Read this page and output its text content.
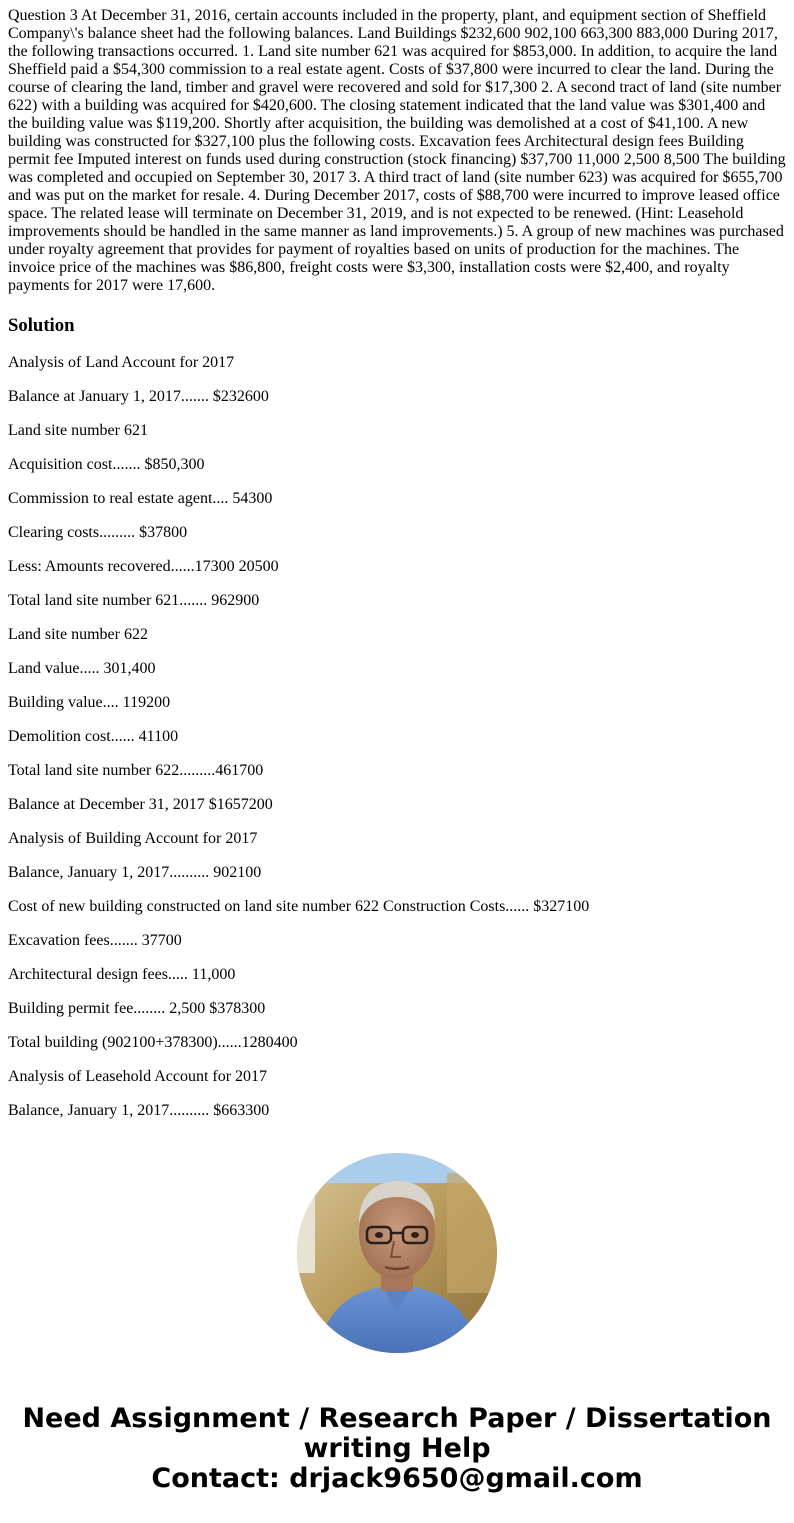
Question 3 At December 31, 2016, certain accounts included in the property, plant, and equipment section of Sheffield Company\'s balance sheet had the following balances. Land Buildings $232,600 902,100 663,300 883,000 During 2017, the following transactions occurred. 1. Land site number 621 was acquired for $853,000. In addition, to acquire the land Sheffield paid a $54,300 commission to a real estate agent. Costs of $37,800 were incurred to clear the land. During the course of clearing the land, timber and gravel were recovered and sold for $17,300 2. A second tract of land (site number 622) with a building was acquired for $420,600. The closing statement indicated that the land value was $301,400 and the building value was $119,200. Shortly after acquisition, the building was demolished at a cost of $41,100. A new building was constructed for $327,100 plus the following costs. Excavation fees Architectural design fees Building permit fee Imputed interest on funds used during construction (stock financing) $37,700 11,000 2,500 8,500 The building was completed and occupied on September 30, 2017 3. A third tract of land (site number 623) was acquired for $655,700 and was put on the market for resale. 4. During December 2017, costs of $88,700 were incurred to improve leased office space. The related lease will terminate on December 31, 2019, and is not expected to be renewed. (Hint: Leasehold improvements should be handled in the same manner as land improvements.) 5. A group of new machines was purchased under royalty agreement that provides for payment of royalties based on units of production for the machines. The invoice price of the machines was $86,800, freight costs were $3,300, installation costs were $2,400, and royalty payments for 2017 were 17,600.

Solution

Analysis of Land Account for 2017

Balance at January 1, 2017....... $232600

Land site number 621

Acquisition cost....... $850,300

Commission to real estate agent.... 54300

Clearing costs......... $37800

Less: Amounts recovered......17300 20500

Total land site number 621....... 962900

Land site number 622

Land value..... 301,400

Building value.... 119200

Demolition cost...... 41100

Total land site number 622.........461700

Balance at December 31, 2017 $1657200

Analysis of Building Account for 2017

Balance, January 1, 2017.......... 902100

Cost of new building constructed on land site number 622 Construction Costs...... $327100

Excavation fees....... 37700

Architectural design fees..... 11,000

Building permit fee........ 2,500 $378300

Total building (902100+378300)......1280400

Analysis of Leasehold Account for 2017

Balance, January 1, 2017.......... $663300

Need Assignment / Research Paper / Dissertation
writing Help
Contact: drjack9650@gmail.com
